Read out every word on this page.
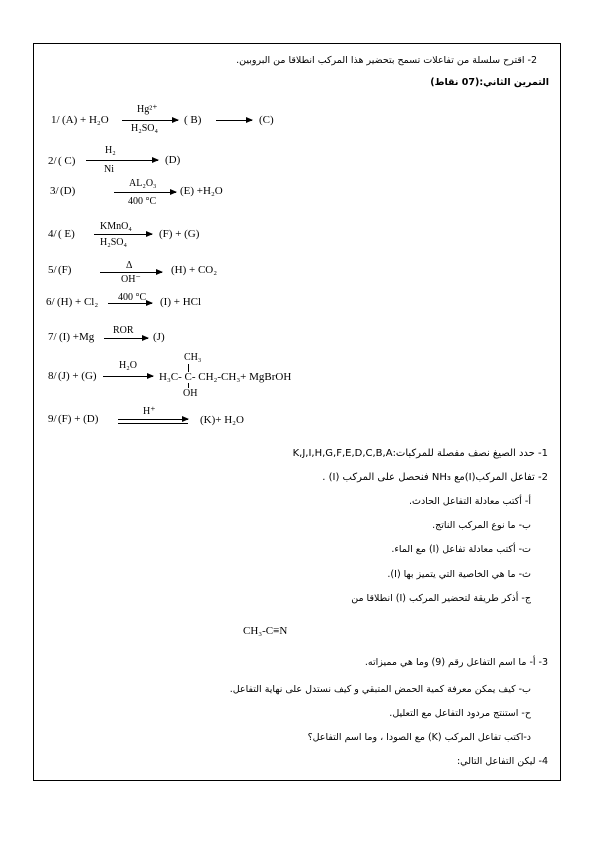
2- اقترح سلسلة من تفاعلات تسمح بتحضير هذا المركب انطلاقا من البروبين.
التمرين الثاني:(07 نقاط)
1/ (A) + H₂O
Hg²⁺
H₂SO₄
( B) → (C)
2/ ( C)
H₂
Ni
(D)
3/ (D)
AL₂O₃
400 °C
(E) +H₂O
4/ ( E)
KMnO₄
H₂SO₄
(F) + (G)
5/ (F)	Δ
OH⁻
(H) + CO₂
6/ (H) + Cl₂ 400 °C → (I) + HCl
7/ (I) +Mg
ROR
→ (J)
8/ (J) + (G)
H₂O
CH₃
H₃C- C- CH₂-CH₃+ MgBrOH
OH
9/ (F) + (D)
H⁺
(K)+ H₂O
1- حدد الصيغ نصف مفصلة للمركبات:K,J,I,H,G,F,E,D,C,B,A
2- تفاعل المركب(I)مع NH₃ فنحصل على المركب (I) .
أ- أكتب معادلة التفاعل الحادث.
ب- ما نوع المركب الناتج.
ت- أكتب معادلة تفاعل (I) مع الماء.
ث- ما هي الخاصية التي يتميز بها (I).
ج- أذكر طريقة لتحضير المركب (I) انطلاقا من
CH₃-C≡N
3- أ- ما اسم التفاعل رقم (9) وما هي مميزاته.
ب- كيف يمكن معرفة كمية الحمض المتبقي و كيف نستدل على نهاية التفاعل.
ح- استنتج مردود التفاعل مع التعليل.
د-اكتب تفاعل المركب (K) مع الصودا ، وما اسم التفاعل؟
4- ليكن التفاعل التالي:
